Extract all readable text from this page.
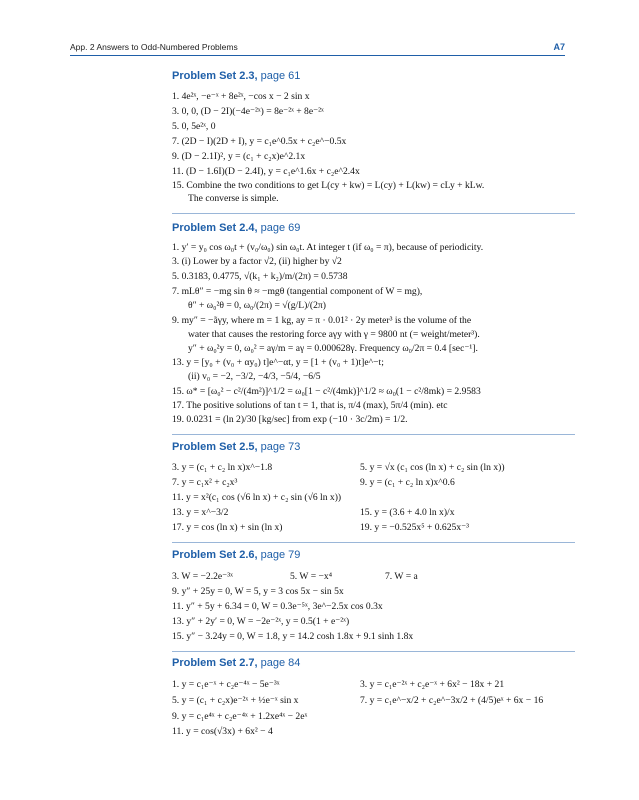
App. 2 Answers to Odd-Numbered Problems	A7
Problem Set 2.3, page 61
1. 4e²ˣ, −e⁻ˣ + 8e²ˣ, −cos x − 2 sin x
3. 0, 0, (D − 2I)(−4e⁻²ˣ) = 8e⁻²ˣ + 8e⁻²ˣ
5. 0, 5e²ˣ, 0
7. (2D − I)(2D + I), y = c₁e^0.5x + c₂e^−0.5x
9. (D − 2.1I)², y = (c₁ + c₂x)e^2.1x
11. (D − 1.6I)(D − 2.4I), y = c₁e^1.6x + c₂e^2.4x
15. Combine the two conditions to get L(cy + kw) = L(cy) + L(kw) = cLy + kLw.
The converse is simple.
Problem Set 2.4, page 69
1. y′ = y₀ cos ω₀t + (v₀/ω₀) sin ω₀t. At integer t (if ω₀ = π), because of periodicity.
3. (i) Lower by a factor √2, (ii) higher by √2
5. 0.3183, 0.4775, √(k₁ + k₂)/m/(2π) = 0.5738
7. mLθ″ = −mg sin θ ≈ −mgθ (tangential component of W = mg),
θ″ + ω₀²θ = 0, ω₀/(2π) = √(g/L)/(2π)
9. my″ = −ãγy, where m = 1 kg, ay = π · 0.01² · 2y meter³ is the volume of the
water that causes the restoring force aγy with γ = 9800 nt (= weight/meter³).
y″ + ω₀²y = 0, ω₀² = aγ/m = aγ = 0.000628γ. Frequency ω₀/2π = 0.4 [sec⁻¹].
13. y = [y₀ + (v₀ + αy₀) t]e^−αt, y = [1 + (v₀ + 1)t]e^−t;
(ii) v₀ = −2, −3/2, −4/3, −5/4, −6/5
15. ω* = [ω₀² − c²/(4m²)]^1/2 = ω₀[1 − c²/(4mk)]^1/2 ≈ ω₀(1 − c²/8mk) = 2.9583
17. The positive solutions of tan t = 1, that is, π/4 (max), 5π/4 (min). etc
19. 0.0231 = (ln 2)/30 [kg/sec] from exp (−10 · 3c/2m) = 1/2.
Problem Set 2.5, page 73
3. y = (c₁ + c₂ ln x)x^−1.8	5. y = √x (c₁ cos (ln x) + c₂ sin (ln x))
7. y = c₁x² + c₂x³	9. y = (c₁ + c₂ ln x)x^0.6
11. y = x²(c₁ cos (√6 ln x) + c₂ sin (√6 ln x))
13. y = x^−3/2	15. y = (3.6 + 4.0 ln x)/x
17. y = cos (ln x) + sin (ln x)	19. y = −0.525x⁵ + 0.625x⁻³
Problem Set 2.6, page 79
3. W = −2.2e⁻³ˣ	5. W = −x⁴	7. W = a
9. y″ + 25y = 0, W = 5, y = 3 cos 5x − sin 5x
11. y″ + 5y + 6.34 = 0, W = 0.3e⁻⁵ˣ, 3e^−2.5x cos 0.3x
13. y″ + 2y′ = 0, W = −2e⁻²ˣ, y = 0.5(1 + e⁻²ˣ)
15. y″ − 3.24y = 0, W = 1.8, y = 14.2 cosh 1.8x + 9.1 sinh 1.8x
Problem Set 2.7, page 84
1. y = c₁e⁻ˣ + c₂e⁻⁴ˣ − 5e⁻³ˣ	3. y = c₁e⁻²ˣ + c₂e⁻ˣ + 6x² − 18x + 21
5. y = (c₁ + c₂x)e⁻²ˣ + ½e⁻ˣ sin x	7. y = c₁e^−x/2 + c₂e^−3x/2 + (4/5)eˣ + 6x − 16
9. y = c₁e⁴ˣ + c₂e⁻⁴ˣ + 1.2xe⁴ˣ − 2eˣ
11. y = cos(√3x) + 6x² − 4
